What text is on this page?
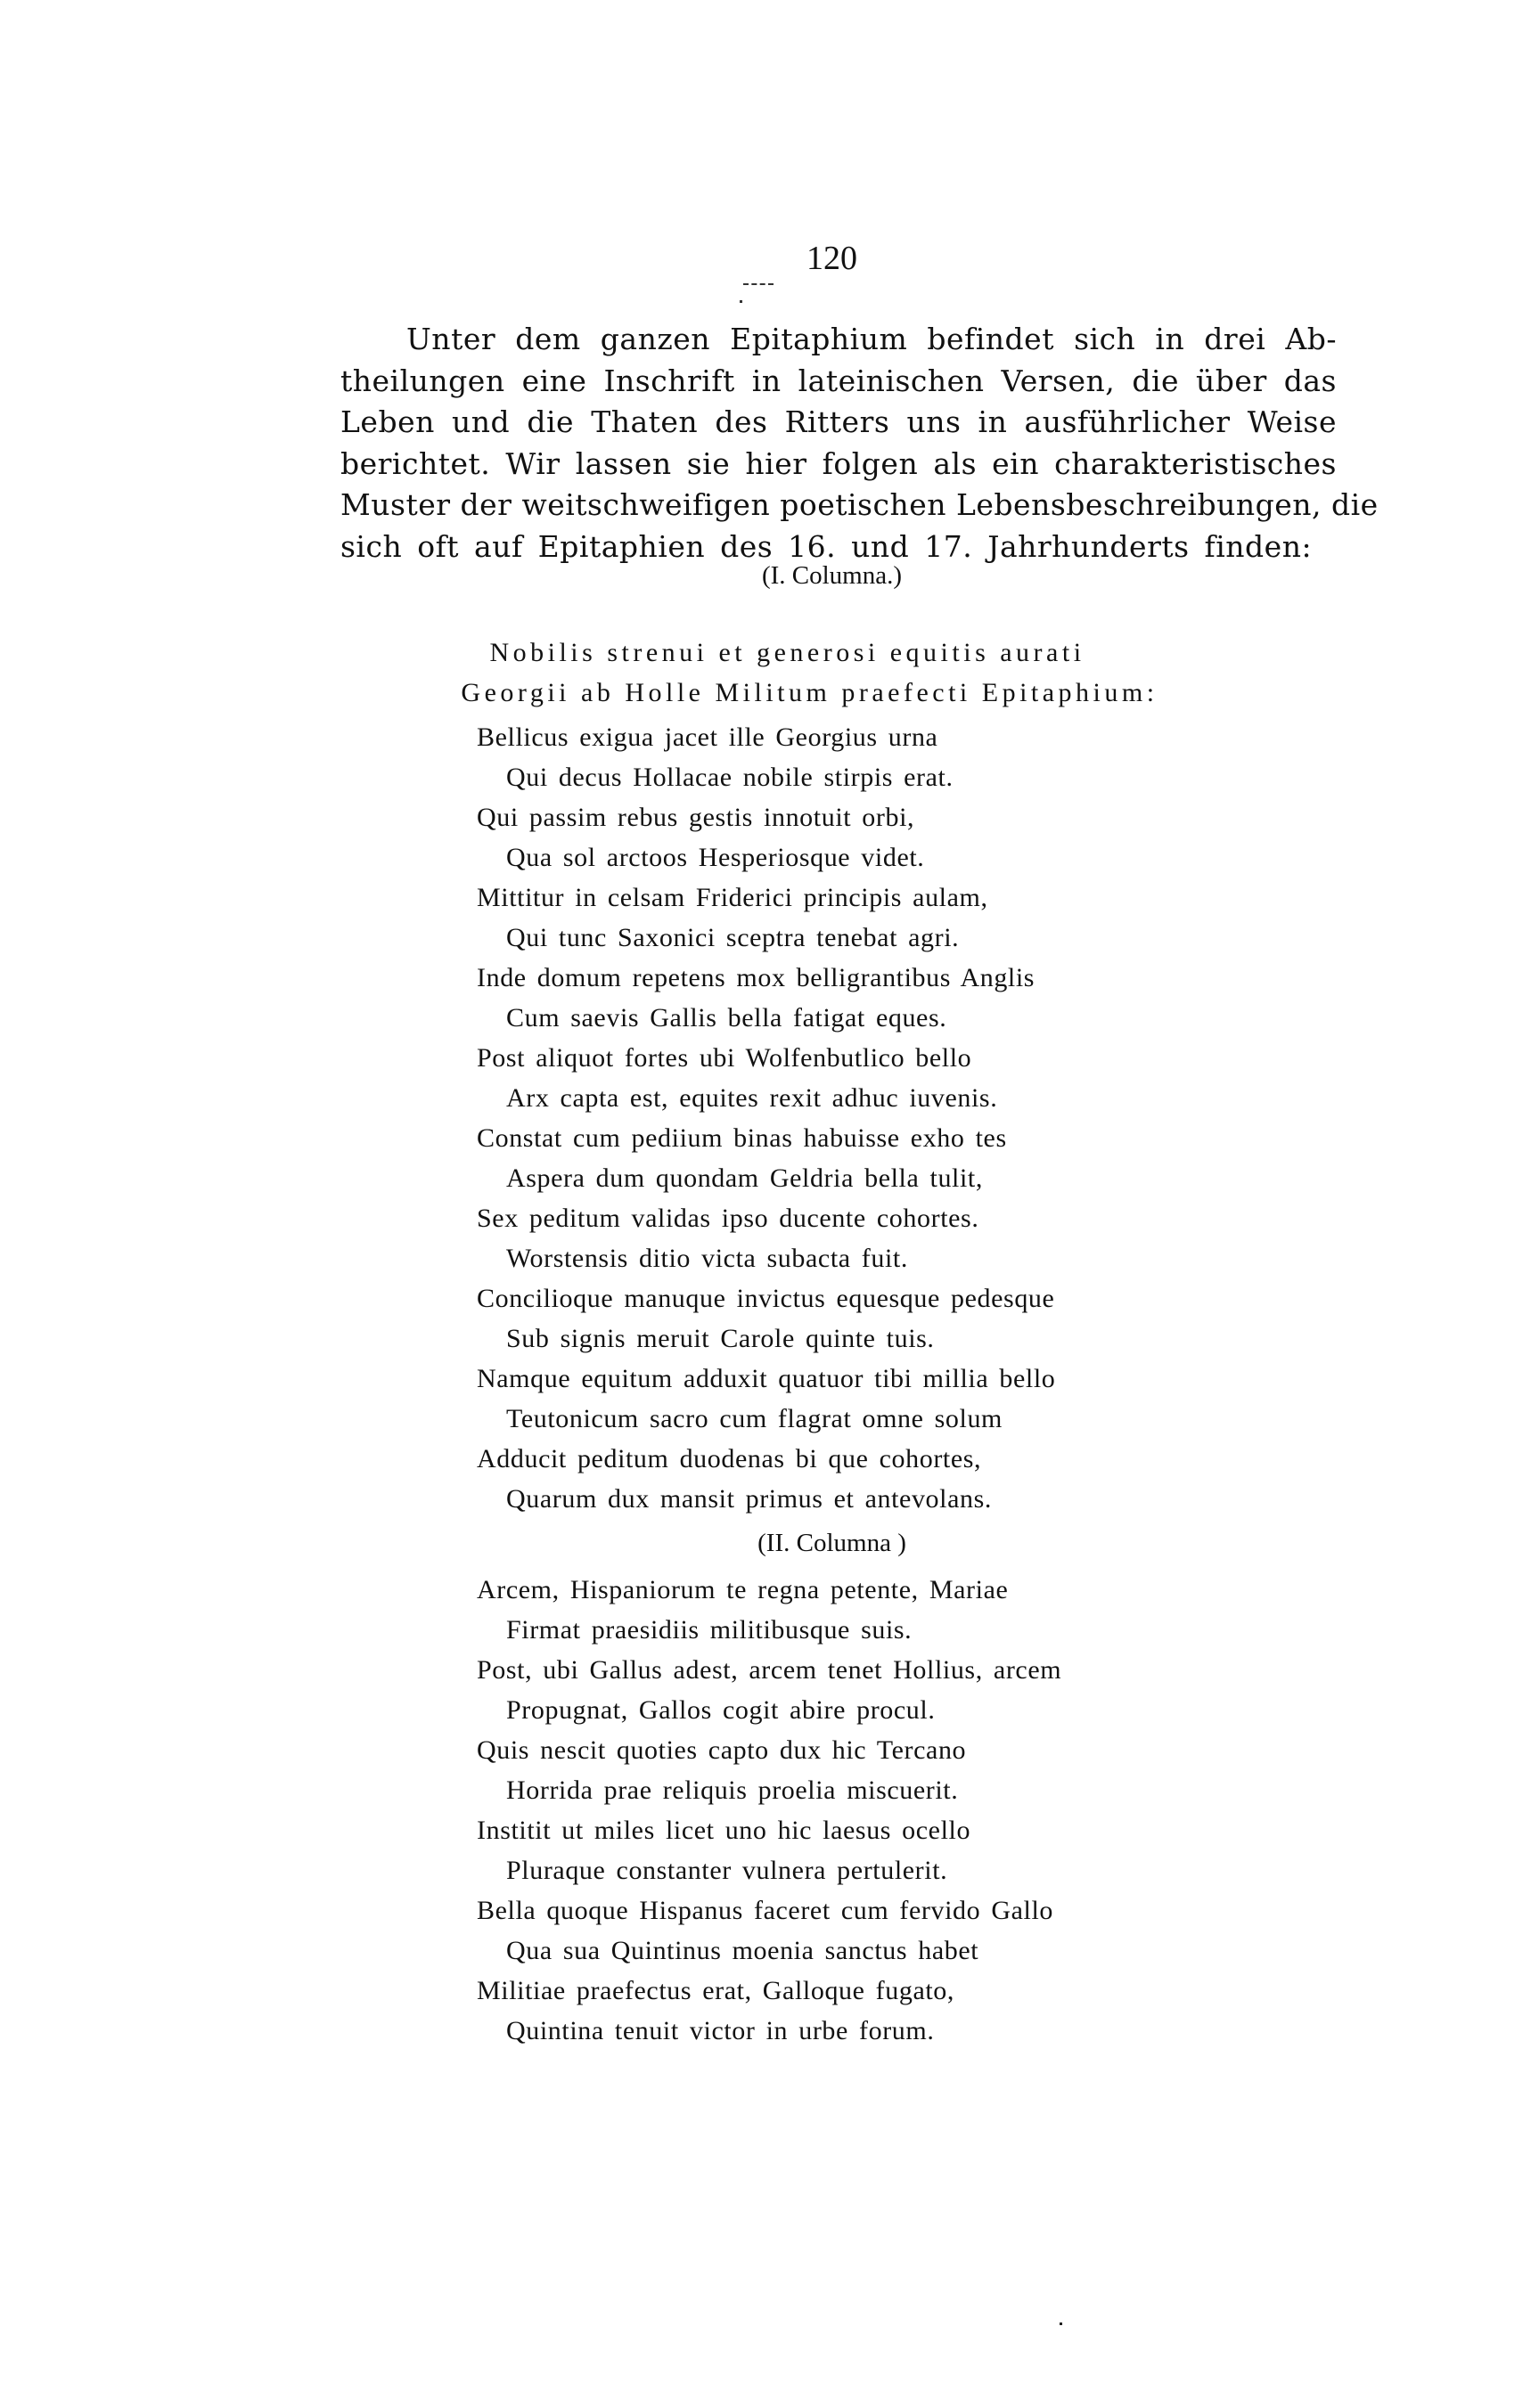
120
Unter dem ganzen Epitaphium befindet sich in drei Ab-
theilungen eine Inschrift in lateinischen Versen, die über das
Leben und die Thaten des Ritters uns in ausführlicher Weise
berichtet. Wir lassen sie hier folgen als ein charakteristisches
Muster der weitschweifigen poetischen Lebensbeschreibungen, die
sich oft auf Epitaphien des 16. und 17. Jahrhunderts finden:
(I. Columna.)
Nobilis strenui et generosi equitis aurati
Georgii ab Holle Militum praefecti Epitaphium:
Bellicus exigua jacet ille Georgius urna
Qui decus Hollacae nobile stirpis erat.
Qui passim rebus gestis innotuit orbi,
Qua sol arctoos Hesperiosque videt.
Mittitur in celsam Friderici principis aulam,
Qui tunc Saxonici sceptra tenebat agri.
Inde domum repetens mox belligrantibus Anglis
Cum saevis Gallis bella fatigat eques.
Post aliquot fortes ubi Wolfenbutlico bello
Arx capta est, equites rexit adhuc iuvenis.
Constat cum pediium binas habuisse exho tes
Aspera dum quondam Geldria bella tulit,
Sex peditum validas ipso ducente cohortes.
Worstensis ditio victa subacta fuit.
Concilioque manuque invictus equesque pedesque
Sub signis meruit Carole quinte tuis.
Namque equitum adduxit quatuor tibi millia bello
Teutonicum sacro cum flagrat omne solum
Adducit peditum duodenas bi que cohortes,
Quarum dux mansit primus et antevolans.
(II. Columna )
Arcem, Hispaniorum te regna petente, Mariae
Firmat praesidiis militibusque suis.
Post, ubi Gallus adest, arcem tenet Hollius, arcem
Propugnat, Gallos cogit abire procul.
Quis nescit quoties capto dux hic Tercano
Horrida prae reliquis proelia miscuerit.
Institit ut miles licet uno hic laesus ocello
Pluraque constanter vulnera pertulerit.
Bella quoque Hispanus faceret cum fervido Gallo
Qua sua Quintinus moenia sanctus habet
Militiae praefectus erat, Galloque fugato,
Quintina tenuit victor in urbe forum.
